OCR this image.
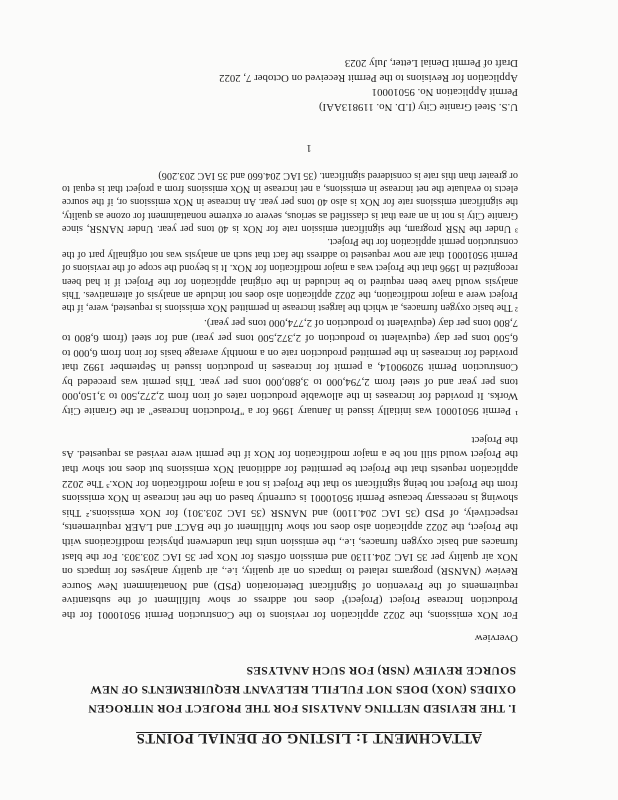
U.S. Steel Granite City (I.D. No. 119813AAI)
Permit Application No. 95010001
Application for Revisions to the Permit Received on October 7, 2022
Draft of Permit Denial Letter, July 2023
ATTACHMENT 1: LISTING OF DENIAL POINTS
I. THE REVISED NETTING ANALYSIS FOR THE PROJECT FOR NITROGEN OXIDES (NOX) DOES NOT FULFILL RELEVANT REQUIREMENTS OF NEW SOURCE REVIEW (NSR) FOR SUCH ANALYSES
Overview

For NOx emissions, the 2022 application for revisions to the Construction Permit 95010001 for the Production Increase Project (Project)¹ does not address or show fulfillment of the substantive requirements of the Prevention of Significant Deterioration (PSD) and Nonattainment New Source Review (NANSR) programs related to impacts on air quality, i.e., air quality analyses for impacts on NOx air quality per 35 IAC 204.1130 and emission offsets for NOx per 35 IAC 203.303. For the blast furnaces and basic oxygen furnaces, i.e., the emission units that underwent physical modifications with the Project, the 2022 application also does not show fulfillment of the BACT and LAER requirements, respectively, of PSD (35 IAC 204.1100) and NANSR (35 IAC 203.301) for NOx emissions.² This showing is necessary because Permit 95010001 is currently based on the net increase in NOx emissions from the Project not being significant so that the Project is not a major modification for NOx.³ The 2022 application requests that the Project be permitted for additional NOx emissions but does not show that the Project would still not be a major modification for NOx if the permit were revised as requested. As the Project

¹ Permit 95010001 was initially issued in January 1996 for a "Production Increase" at the Granite City Works. It provided for increases in the allowable production rates of iron from 2,272,500 to 3,150,000 tons per year and of steel from 2,794,000 to 3,880,000 tons per year. This permit was preceded by Construction Permit 92090014, a permit for increases in production issued in September 1992 that provided for increases in the permitted production rate on a monthly average basis for iron from 6,000 to 6,500 tons per day (equivalent to production of 2,372,500 tons per year) and for steel (from 6,800 to 7,800 tons per day (equivalent to production of 2,774,000 tons per year).

² The basic oxygen furnaces, at which the largest increase in permitted NOx emissions is requested, were, if the Project were a major modification, the 2022 application also does not include an analysis of alternatives. This analysis would have been required to be included in the original application for the Project if it had been recognized in 1996 that the Project was a major modification for NOx. It is beyond the scope of the revisions of Permit 95010001 that are now requested to address the fact that such an analysis was not originally part of the construction permit application for the Project.

³ Under the NSR program, the significant emission rate for NOx is 40 tons per year. Under NANSR, since Granite City is not in an area that is classified as serious, severe or extreme nonattainment for ozone as quality, the significant emissions rate for NOx is also 40 tons per year. An increase in NOx emissions or, if the source elects to evaluate the net increase in emissions, a net increase in NOx emissions from a project that is equal to or greater than this rate is considered significant. (35 IAC 204.660 and 35 IAC 203.206)

1
